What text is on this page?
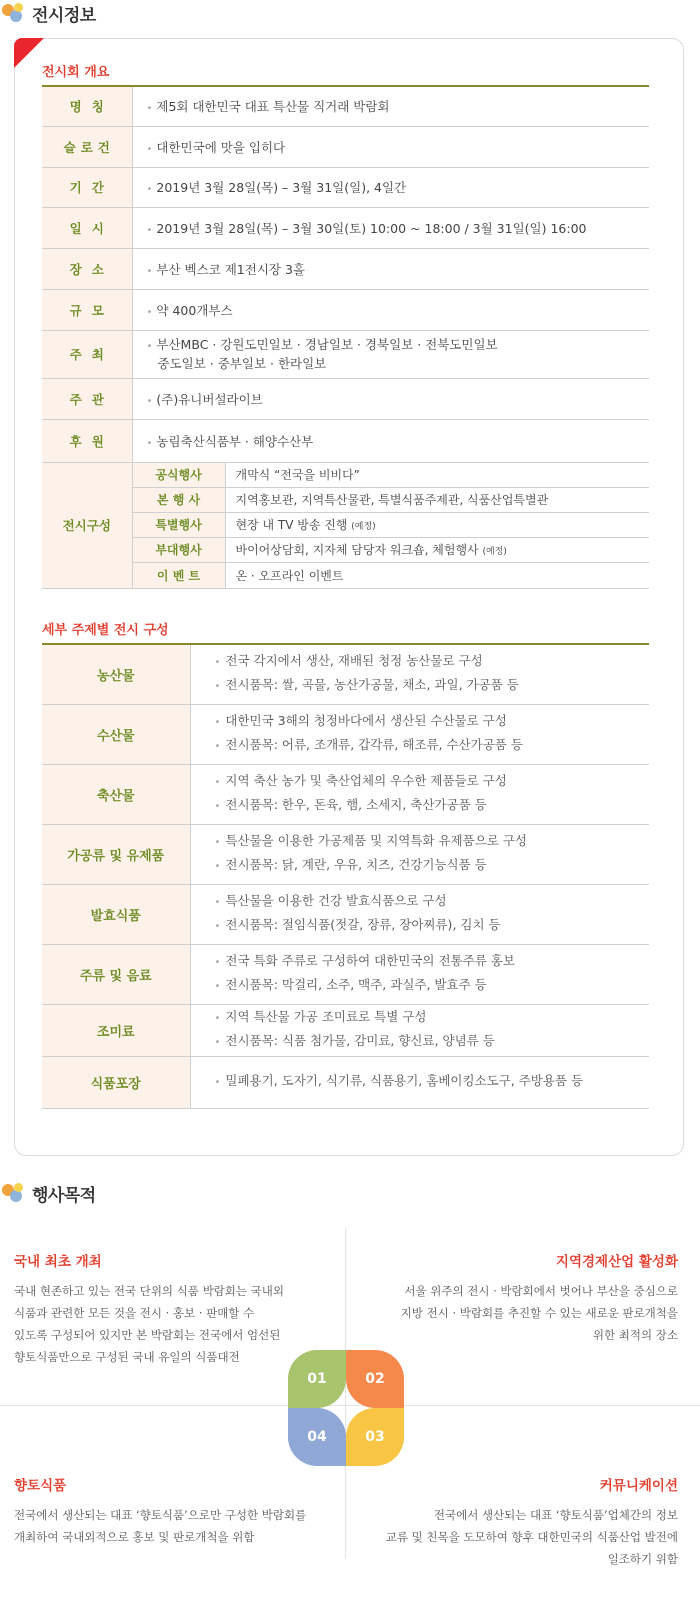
전시정보
전시회 개요
명칭	• 제5회 대한민국 대표 특산물 직거래 박람회
슬로건	• 대한민국에 맛을 입히다
기간	• 2019년 3월 28일(목) – 3월 31일(일), 4일간
일시	• 2019년 3월 28일(목) – 3월 30일(토) 10:00 ~ 18:00 / 3월 31일(일) 16:00
장소	• 부산 벡스코 제1전시장 3홀
규모	• 약 400개부스
주최	• 부산MBC · 강원도민일보 · 경남일보 · 경북일보 · 전북도민일보
중도일보 · 중부일보 · 한라일보

주관	• (주)유니버설라이브
후원	• 농림축산식품부 · 해양수산부
전시구성	공식행사	개막식 “전국을 비비다”
	본 행 사	지역홍보관, 지역특산물관, 특별식품주제관, 식품산업특별관
	특별행사	현장 내 TV 방송 진행 (예정)
	부대행사	바이어상담회, 지자체 담당자 워크숍, 체험행사 (예정)
	이 벤 트	온 · 오프라인 이벤트
세부 주제별 전시 구성
농산물	• 전국 각지에서 생산, 재배된 청정 농산물로 구성
• 전시품목: 쌀, 곡물, 농산가공물, 채소, 과일, 가공품 등

수산물	• 대한민국 3해의 청정바다에서 생산된 수산물로 구성
• 전시품목: 어류, 조개류, 갑각류, 해조류, 수산가공품 등

축산물	• 지역 축산 농가 및 축산업체의 우수한 제품들로 구성
• 전시품목: 한우, 돈육, 햄, 소세지, 축산가공품 등

가공류 및 유제품	• 특산물을 이용한 가공제품 및 지역특화 유제품으로 구성
• 전시품목: 닭, 계란, 우유, 치즈, 건강기능식품 등

발효식품	• 특산물을 이용한 건강 발효식품으로 구성
• 전시품목: 절임식품(젓갈, 장류, 장아찌류), 김치 등

주류 및 음료	• 전국 특화 주류로 구성하여 대한민국의 전통주류 홍보
• 전시품목: 막걸리, 소주, 맥주, 과실주, 발효주 등

조미료	• 지역 특산물 가공 조미료로 특별 구성
• 전시품목: 식품 첨가물, 감미료, 향신료, 양념류 등

식품포장	• 밀폐용기, 도자기, 식기류, 식품용기, 홈베이킹소도구, 주방용품 등
행사목적
국내 최초 개최

국내 현존하고 있는 전국 단위의 식품 박람회는 국내외
식품과 관련한 모든 것을 전시 · 홍보 · 판매할 수
있도록 구성되어 있지만 본 박람회는 전국에서 엄선된
향토식품만으로 구성된 국내 유일의 식품대전

지역경제산업 활성화

서울 위주의 전시 · 박람회에서 벗어나 부산을 중심으로
지방 전시 · 박람회를 추진할 수 있는 새로운 판로개척을
위한 최적의 장소

향토식품

전국에서 생산되는 대표 ‘향토식품’으로만 구성한 박람회를
개최하여 국내외적으로 홍보 및 판로개척을 위함

커뮤니케이션

전국에서 생산되는 대표 ‘향토식품’업체간의 정보
교류 및 친목을 도모하여 향후 대한민국의 식품산업 발전에
일조하기 위함

01	02
03
04
